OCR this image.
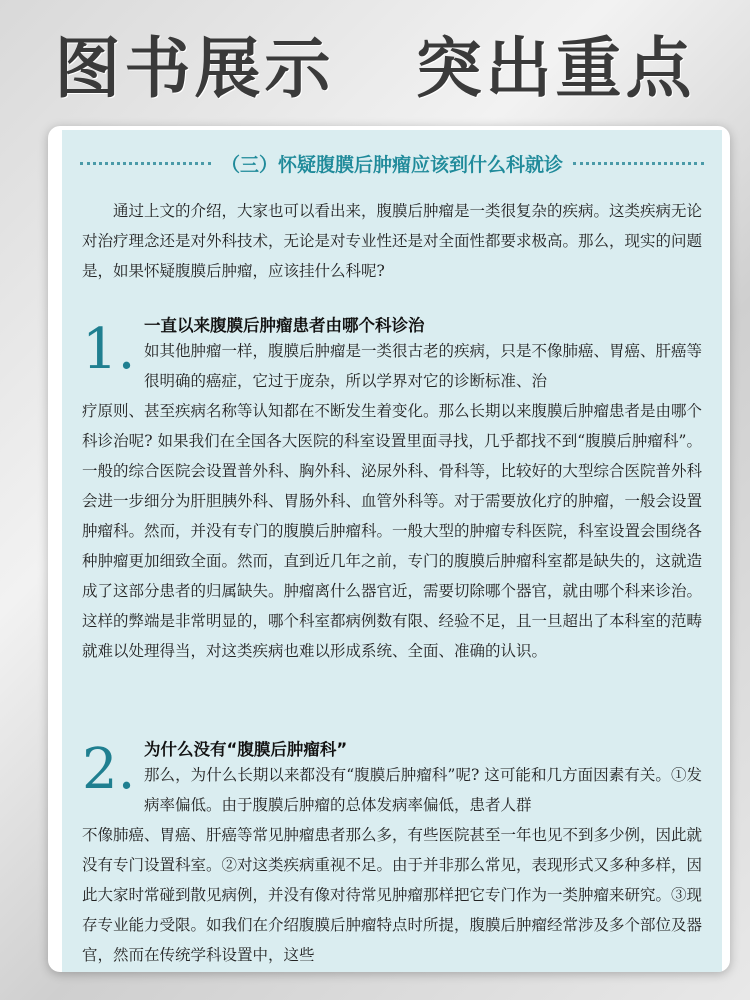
图书展示   突出重点
（三）怀疑腹膜后肿瘤应该到什么科就诊
通过上文的介绍，大家也可以看出来，腹膜后肿瘤是一类很复杂的疾病。这类疾病无论对治疗理念还是对外科技术，无论是对专业性还是对全面性都要求极高。那么，现实的问题是，如果怀疑腹膜后肿瘤，应该挂什么科呢?
1. 一直以来腹膜后肿瘤患者由哪个科诊治
如其他肿瘤一样，腹膜后肿瘤是一类很古老的疾病，只是不像肺癌、胃癌、肝癌等很明确的癌症，它过于庞杂，所以学界对它的诊断标准、治
疗原则、甚至疾病名称等认知都在不断发生着变化。那么长期以来腹膜后肿瘤患者是由哪个科诊治呢? 如果我们在全国各大医院的科室设置里面寻找，几乎都找不到“腹膜后肿瘤科”。一般的综合医院会设置普外科、胸外科、泌尿外科、骨科等，比较好的大型综合医院普外科会进一步细分为肝胆胰外科、胃肠外科、血管外科等。对于需要放化疗的肿瘤，一般会设置肿瘤科。然而，并没有专门的腹膜后肿瘤科。一般大型的肿瘤专科医院，科室设置会围绕各种肿瘤更加细致全面。然而，直到近几年之前，专门的腹膜后肿瘤科室都是缺失的，这就造成了这部分患者的归属缺失。肿瘤离什么器官近，需要切除哪个器官，就由哪个科来诊治。这样的弊端是非常明显的，哪个科室都病例数有限、经验不足，且一旦超出了本科室的范畴就难以处理得当，对这类疾病也难以形成系统、全面、准确的认识。
2. 为什么没有“腹膜后肿瘤科”
那么，为什么长期以来都没有“腹膜后肿瘤科”呢? 这可能和几方面因素有关。①发病率偏低。由于腹膜后肿瘤的总体发病率偏低，患者人群
不像肺癌、胃癌、肝癌等常见肿瘤患者那么多，有些医院甚至一年也见不到多少例，因此就没有专门设置科室。②对这类疾病重视不足。由于并非那么常见，表现形式又多种多样，因此大家时常碰到散见病例，并没有像对待常见肿瘤那样把它专门作为一类肿瘤来研究。③现存专业能力受限。如我们在介绍腹膜后肿瘤特点时所提，腹膜后肿瘤经常涉及多个部位及器官，然而在传统学科设置中，这些
